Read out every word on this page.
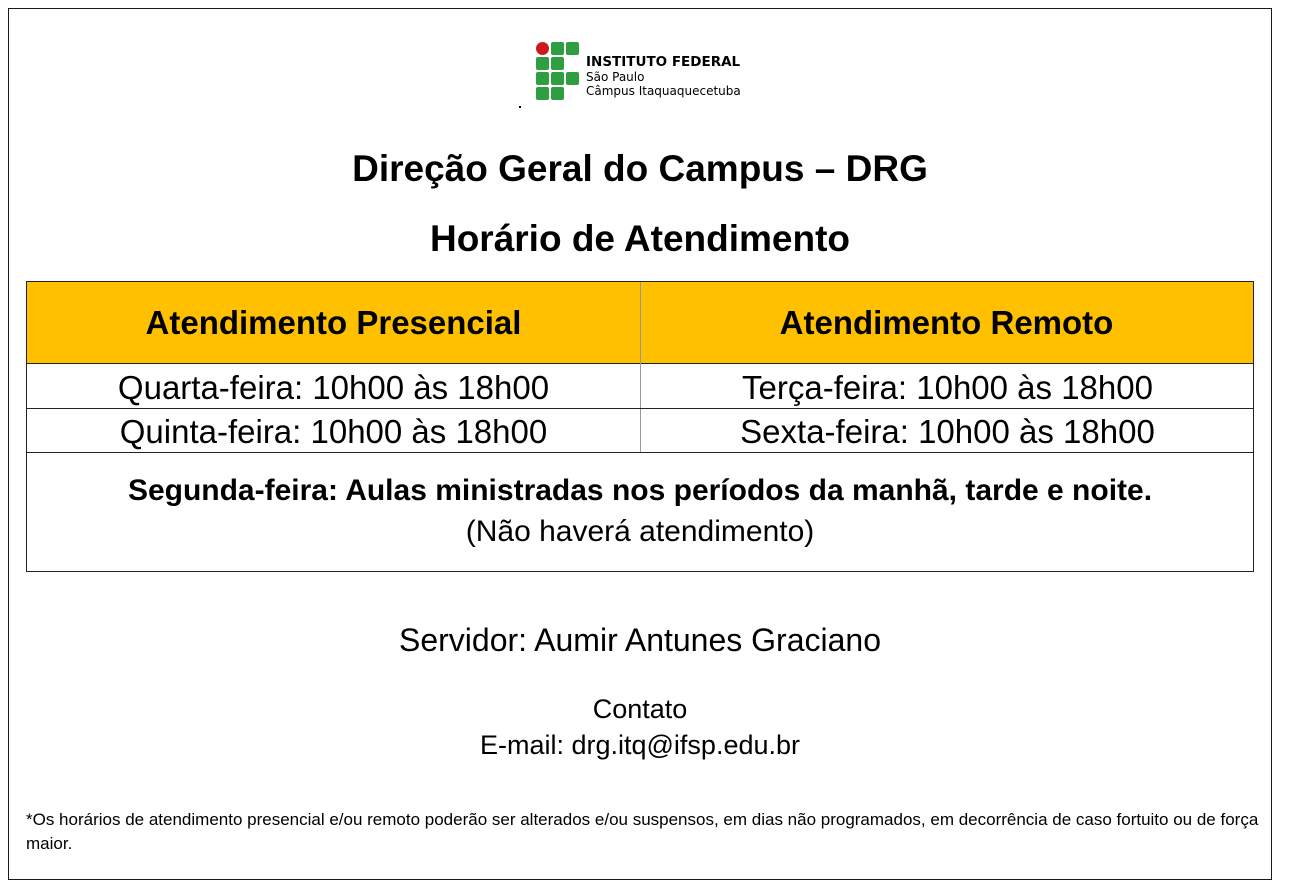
INSTITUTO FEDERAL
São Paulo
Câmpus Itaquaquecetuba
Direção Geral do Campus – DRG
Horário de Atendimento
Atendimento Presencial	Atendimento Remoto
Quarta-feira: 10h00 às 18h00	Terça-feira: 10h00 às 18h00
Quinta-feira: 10h00 às 18h00	Sexta-feira: 10h00 às 18h00
Segunda-feira: Aulas ministradas nos períodos da manhã, tarde e noite.
(Não haverá atendimento)
Servidor: Aumir Antunes Graciano
Contato
E-mail: drg.itq@ifsp.edu.br
*Os horários de atendimento presencial e/ou remoto poderão ser alterados e/ou suspensos, em dias não programados, em decorrência de caso fortuito ou de força maior.
